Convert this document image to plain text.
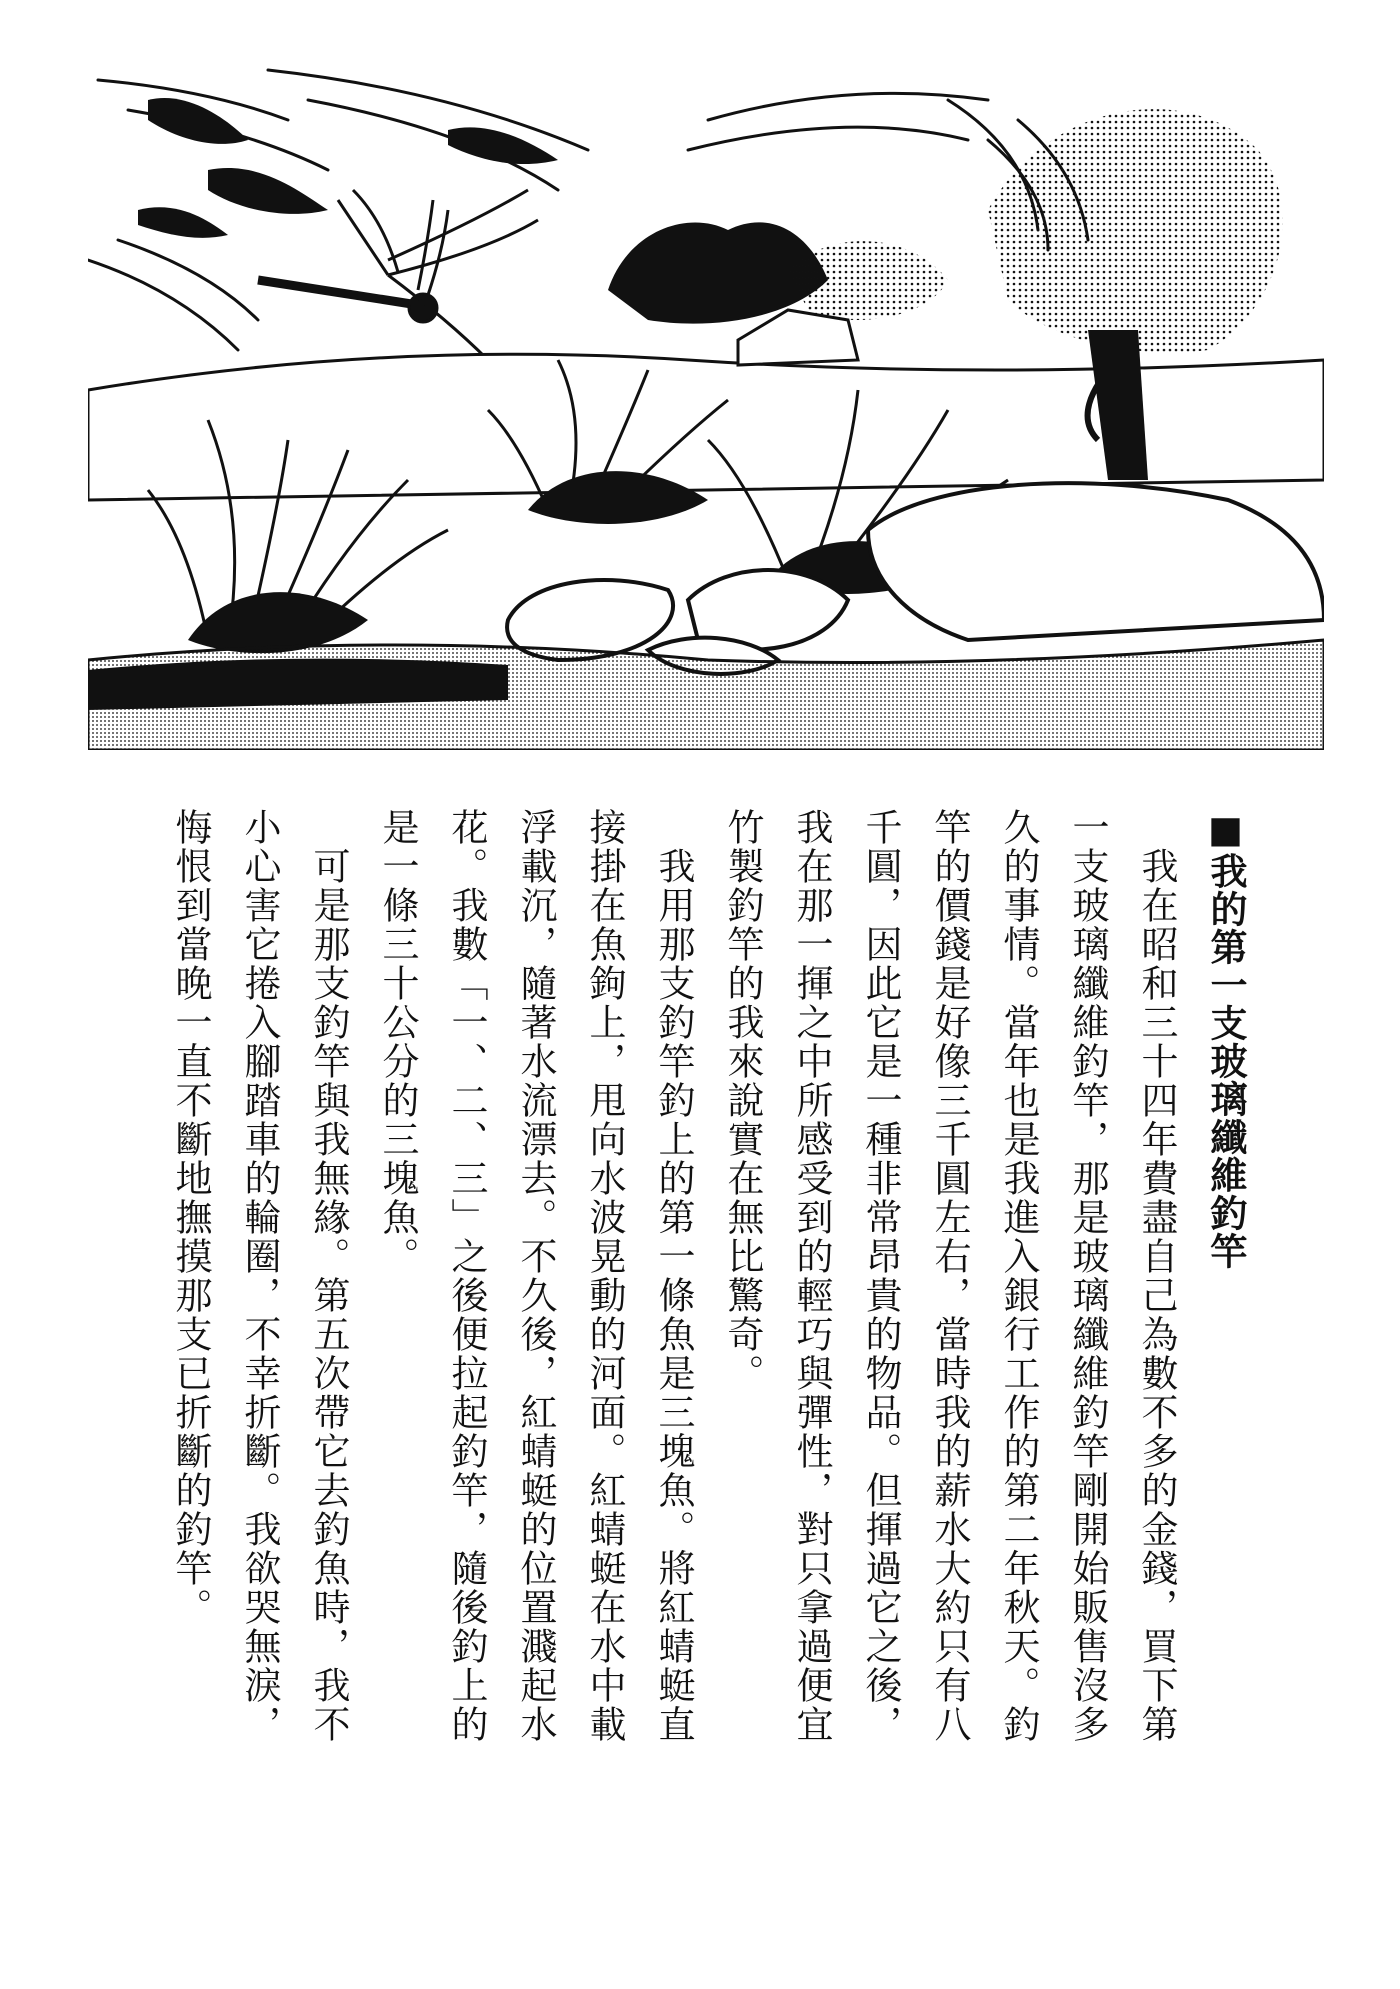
■我的第一支玻璃纖維釣竿
　我在昭和三十四年費盡自己為數不多的金錢，買下第
一支玻璃纖維釣竿，那是玻璃纖維釣竿剛開始販售沒多
久的事情。當年也是我進入銀行工作的第二年秋天。釣
竿的價錢是好像三千圓左右，當時我的薪水大約只有八
千圓，因此它是一種非常昂貴的物品。但揮過它之後，
我在那一揮之中所感受到的輕巧與彈性，對只拿過便宜
竹製釣竿的我來說實在無比驚奇。
　我用那支釣竿釣上的第一條魚是三塊魚。將紅蜻蜓直
接掛在魚鉤上，甩向水波晃動的河面。紅蜻蜓在水中載
浮載沉，隨著水流漂去。不久後，紅蜻蜓的位置濺起水
花。我數「一、二、三」之後便拉起釣竿，隨後釣上的
是一條三十公分的三塊魚。
　可是那支釣竿與我無緣。第五次帶它去釣魚時，我不
小心害它捲入腳踏車的輪圈，不幸折斷。我欲哭無淚，
悔恨到當晚一直不斷地撫摸那支已折斷的釣竿。
